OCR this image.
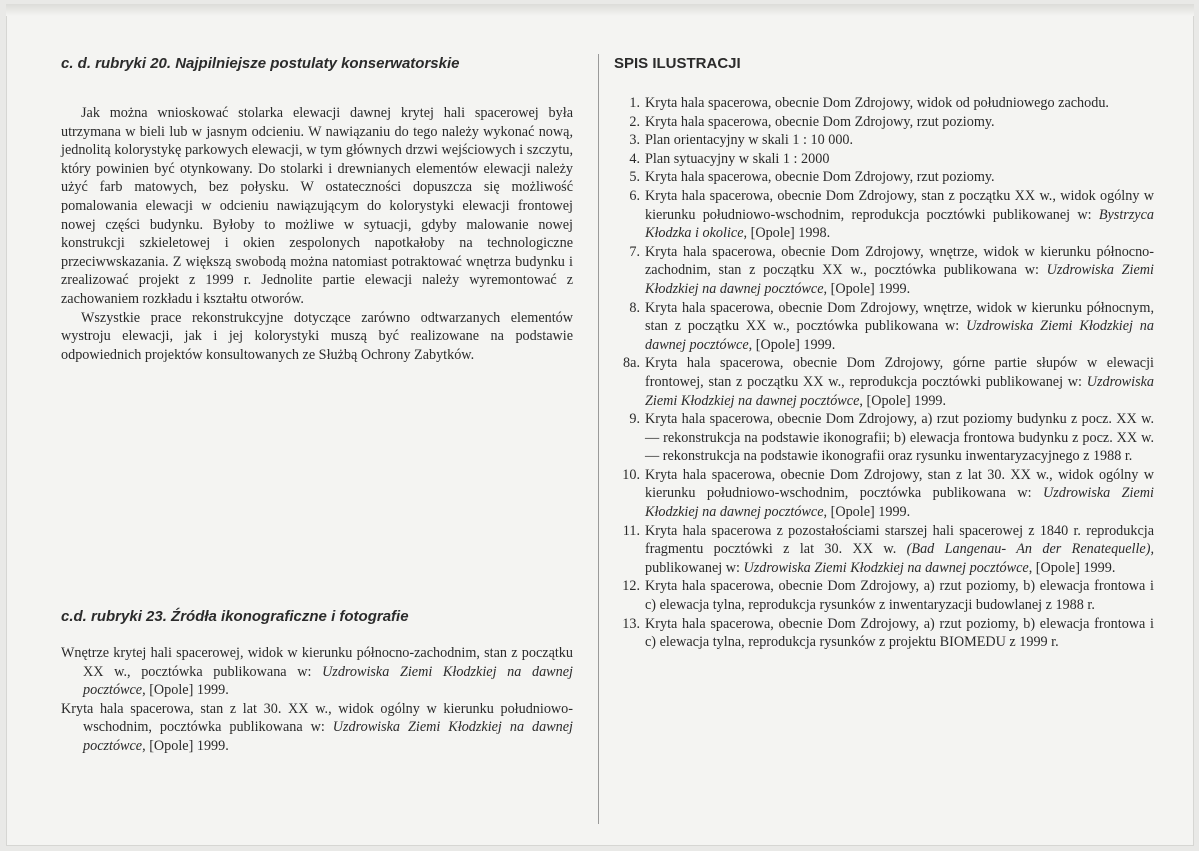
c. d. rubryki 20. Najpilniejsze postulaty konserwatorskie

Jak można wnioskować stolarka elewacji dawnej krytej hali spacerowej była utrzymana w bieli lub w jasnym odcieniu. W nawiązaniu do tego należy wykonać nową, jednolitą kolorystykę parkowych elewacji, w tym głównych drzwi wejściowych i szczytu, który powinien być otynkowany. Do stolarki i drewnianych elementów elewacji należy użyć farb matowych, bez połysku. W ostateczności dopuszcza się możliwość pomalowania elewacji w odcieniu nawiązującym do kolorystyki elewacji frontowej nowej części budynku. Byłoby to możliwe w sytuacji, gdyby malowanie nowej konstrukcji szkieletowej i okien zespolonych napotkałoby na technologiczne przeciwwskazania. Z większą swobodą można natomiast potraktować wnętrza budynku i zrealizować projekt z 1999 r. Jednolite partie elewacji należy wyremontować z zachowaniem rozkładu i kształtu otworów.

Wszystkie prace rekonstrukcyjne dotyczące zarówno odtwarzanych elementów wystroju elewacji, jak i jej kolorystyki muszą być realizowane na podstawie odpowiednich projektów konsultowanych ze Służbą Ochrony Zabytków.

c.d. rubryki 23. Źródła ikonograficzne i fotografie

Wnętrze krytej hali spacerowej, widok w kierunku północno-zachodnim, stan z początku XX w., pocztówka publikowana w: Uzdrowiska Ziemi Kłodzkiej na dawnej pocztówce, [Opole] 1999.

Kryta hala spacerowa, stan z lat 30. XX w., widok ogólny w kierunku południowo-wschodnim, pocztówka publikowana w: Uzdrowiska Ziemi Kłodzkiej na dawnej pocztówce, [Opole] 1999.

SPIS ILUSTRACJI
1. Kryta hala spacerowa, obecnie Dom Zdrojowy, widok od południowego zachodu.
2. Kryta hala spacerowa, obecnie Dom Zdrojowy, rzut poziomy.
3. Plan orientacyjny w skali 1 : 10 000.
4. Plan sytuacyjny w skali 1 : 2000
5. Kryta hala spacerowa, obecnie Dom Zdrojowy, rzut poziomy.
6. Kryta hala spacerowa, obecnie Dom Zdrojowy, stan z początku XX w., widok ogólny w kierunku południowo-wschodnim, reprodukcja pocztówki publikowanej w: Bystrzyca Kłodzka i okolice, [Opole] 1998.
7. Kryta hala spacerowa, obecnie Dom Zdrojowy, wnętrze, widok w kierunku północno-zachodnim, stan z początku XX w., pocztówka publikowana w: Uzdrowiska Ziemi Kłodzkiej na dawnej pocztówce, [Opole] 1999.
8. Kryta hala spacerowa, obecnie Dom Zdrojowy, wnętrze, widok w kierunku północnym, stan z początku XX w., pocztówka publikowana w: Uzdrowiska Ziemi Kłodzkiej na dawnej pocztówce, [Opole] 1999.
8a. Kryta hala spacerowa, obecnie Dom Zdrojowy, górne partie słupów w elewacji frontowej, stan z początku XX w., reprodukcja pocztówki publikowanej w: Uzdrowiska Ziemi Kłodzkiej na dawnej pocztówce, [Opole] 1999.
9. Kryta hala spacerowa, obecnie Dom Zdrojowy, a) rzut poziomy budynku z pocz. XX w. — rekonstrukcja na podstawie ikonografii; b) elewacja frontowa budynku z pocz. XX w. — rekonstrukcja na podstawie ikonografii oraz rysunku inwentaryzacyjnego z 1988 r.
10. Kryta hala spacerowa, obecnie Dom Zdrojowy, stan z lat 30. XX w., widok ogólny w kierunku południowo-wschodnim, pocztówka publikowana w: Uzdrowiska Ziemi Kłodzkiej na dawnej pocztówce, [Opole] 1999.
11. Kryta hala spacerowa z pozostałościami starszej hali spacerowej z 1840 r. reprodukcja fragmentu pocztówki z lat 30. XX w. (Bad Langenau- An der Renatequelle), publikowanej w: Uzdrowiska Ziemi Kłodzkiej na dawnej pocztówce, [Opole] 1999.
12. Kryta hala spacerowa, obecnie Dom Zdrojowy, a) rzut poziomy, b) elewacja frontowa i c) elewacja tylna, reprodukcja rysunków z inwentaryzacji budowlanej z 1988 r.
13. Kryta hala spacerowa, obecnie Dom Zdrojowy, a) rzut poziomy, b) elewacja frontowa i c) elewacja tylna, reprodukcja rysunków z projektu BIOMEDU z 1999 r.
